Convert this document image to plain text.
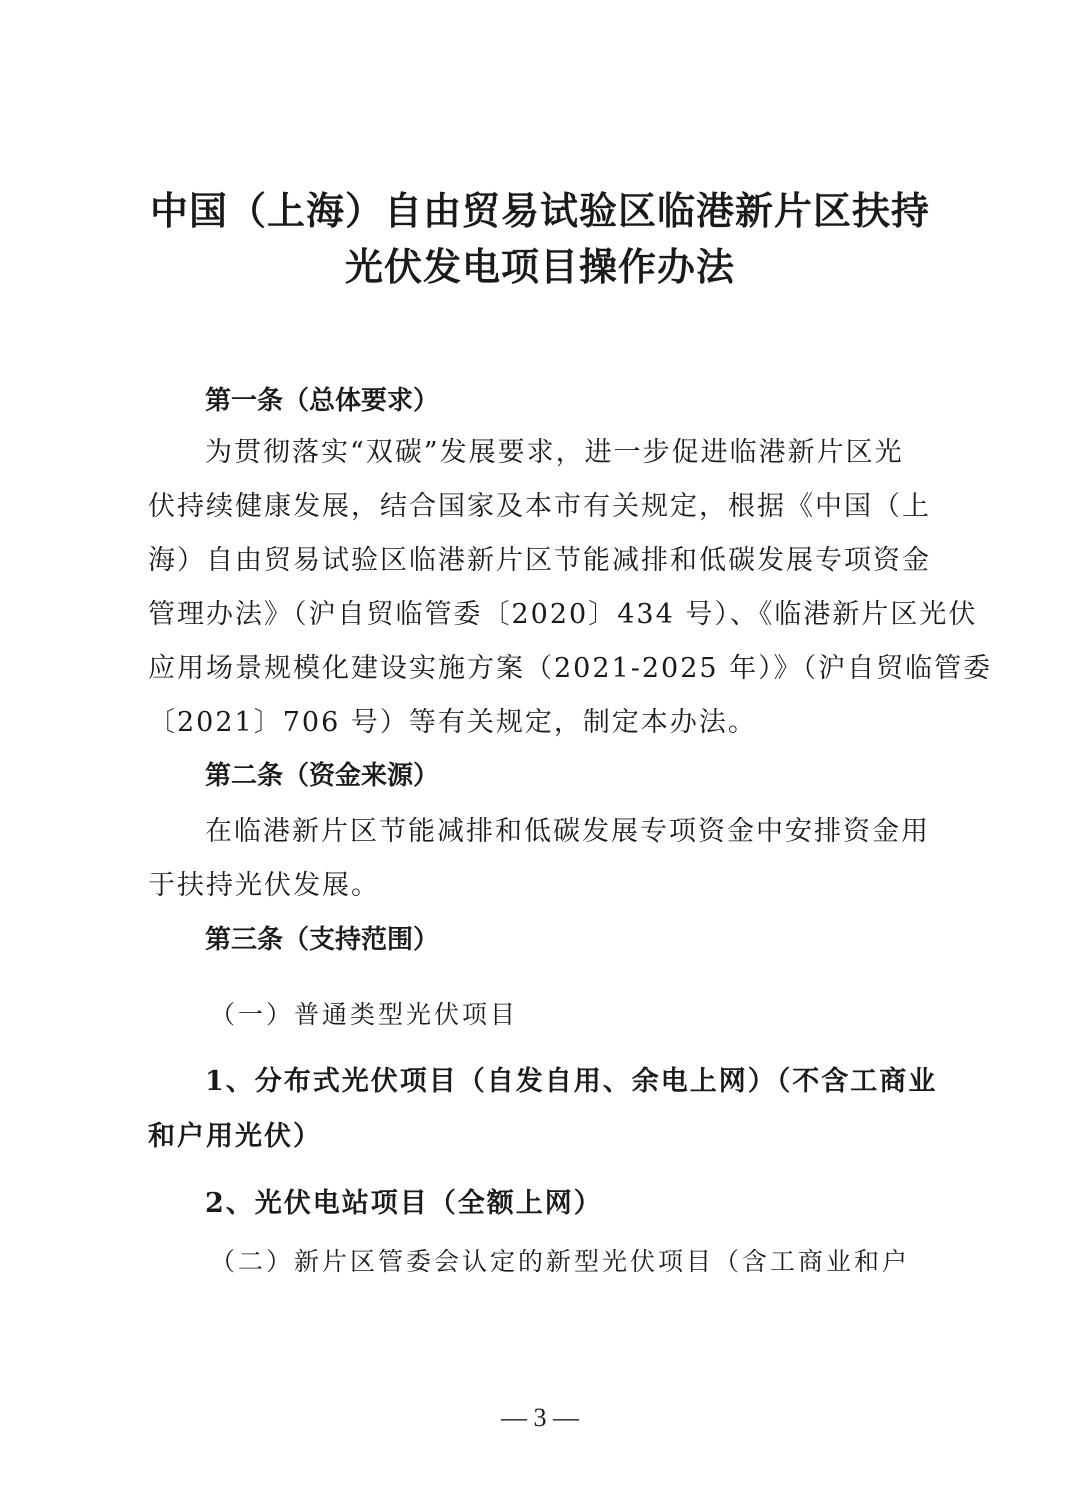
中国（上海）自由贸易试验区临港新片区扶持
光伏发电项目操作办法
第一条（总体要求）
为贯彻落实“双碳”发展要求，进一步促进临港新片区光
伏持续健康发展，结合国家及本市有关规定，根据《中国（上
海）自由贸易试验区临港新片区节能减排和低碳发展专项资金
管理办法》（沪自贸临管委〔2020〕434 号）、《临港新片区光伏
应用场景规模化建设实施方案（2021-2025 年）》（沪自贸临管委
〔2021〕706 号）等有关规定，制定本办法。
第二条（资金来源）
在临港新片区节能减排和低碳发展专项资金中安排资金用
于扶持光伏发展。
第三条（支持范围）
（一）普通类型光伏项目
1、分布式光伏项目（自发自用、余电上网）（不含工商业
和户用光伏）
2、光伏电站项目（全额上网）
（二）新片区管委会认定的新型光伏项目（含工商业和户
— 3 —
